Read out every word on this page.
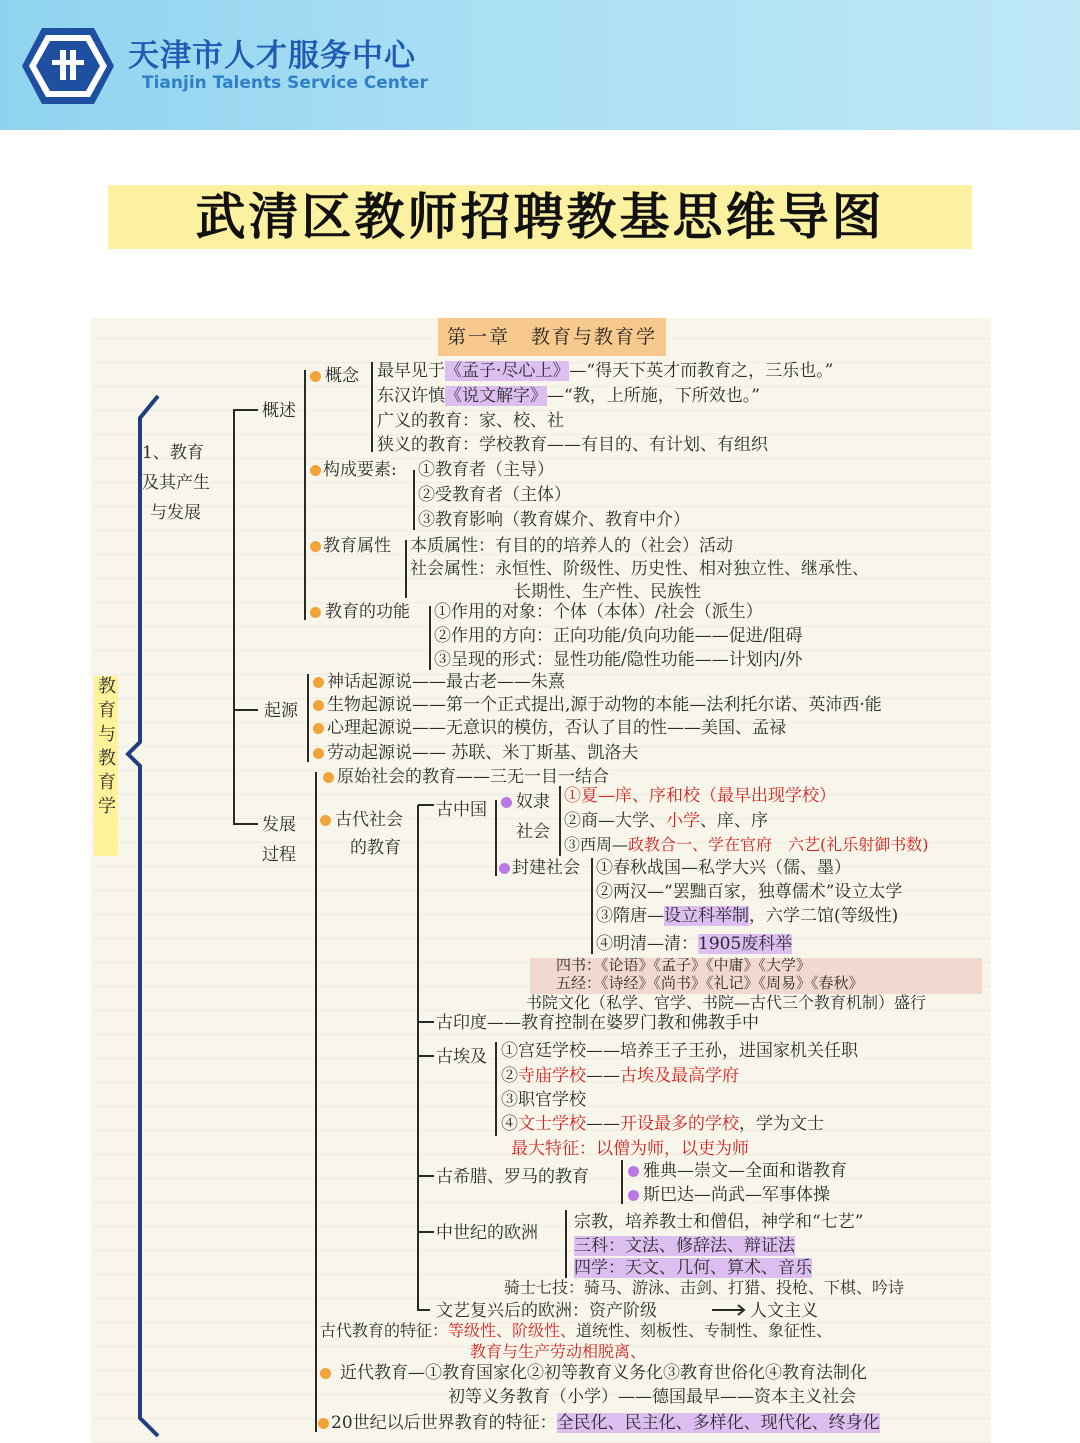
天津市人才服务中心
Tianjin Talents Service Center
武清区教师招聘教基思维导图
第一章　教育与教育学
教育与教育学
1、教育
及其产生
与发展
概述
起源
发展
过程
概念 最早见于《孟子·尽心上》—“得天下英才而教育之，三乐也。”
东汉许慎《说文解字》—“教，上所施，下所效也。”
广义的教育：家、校、社
狭义的教育：学校教育——有目的、有计划、有组织
构成要素: ①教育者（主导）
②受教育者（主体）
③教育影响（教育媒介、教育中介）
教育属性 本质属性：有目的的培养人的（社会）活动
社会属性：永恒性、阶级性、历史性、相对独立性、继承性、
长期性、生产性、民族性
教育的功能 ①作用的对象：个体（本体）/社会（派生）
②作用的方向：正向功能/负向功能——促进/阻碍
③呈现的形式：显性功能/隐性功能——计划内/外
神话起源说——最古老——朱熹
生物起源说——第一个正式提出,源于动物的本能—法利托尔诺、英沛西·能
心理起源说——无意识的模仿，否认了目的性——美国、孟禄
劳动起源说—— 苏联、米丁斯基、凯洛夫
原始社会的教育——三无一目一结合
古代社会
的教育
古中国 奴隶
社会
①夏—庠、序和校（最早出现学校）
②商—大学、小学、庠、序
③西周—政教合一、学在官府　 六艺(礼乐射御书数)
封建社会 ①春秋战国—私学大兴（儒、墨）
②两汉—“罢黜百家，独尊儒术”设立太学
③隋唐—设立科举制，六学二馆(等级性)
④明清—清：1905废科举
四书：《论语》《孟子》《中庸》《大学》
五经：《诗经》《尚书》《礼记》《周易》《春秋》
书院文化（私学、官学、书院—古代三个教育机制）盛行
古印度——教育控制在婆罗门教和佛教手中
古埃及 ①宫廷学校——培养王子王孙，进国家机关任职
②寺庙学校——古埃及最高学府
③职官学校
④文士学校——开设最多的学校，学为文士
最大特征：以僧为师，以吏为师
古希腊、罗马的教育	雅典—崇文—全面和谐教育
斯巴达—尚武—军事体操
中世纪的欧洲
宗教，培养教士和僧侣，神学和“七艺”
三科：文法、修辞法、辩证法
四学：天文、几何、算术、音乐
骑士七技：骑马、游泳、击剑、打猎、投枪、下棋、吟诗
文艺复兴后的欧洲：资产阶级	人文主义
古代教育的特征：等级性、阶级性、道统性、刻板性、专制性、象征性、
教育与生产劳动相脱离、
近代教育—①教育国家化②初等教育义务化③教育世俗化④教育法制化
初等义务教育（小学）——德国最早——资本主义社会
20世纪以后世界教育的特征：全民化、民主化、多样化、现代化、终身化
